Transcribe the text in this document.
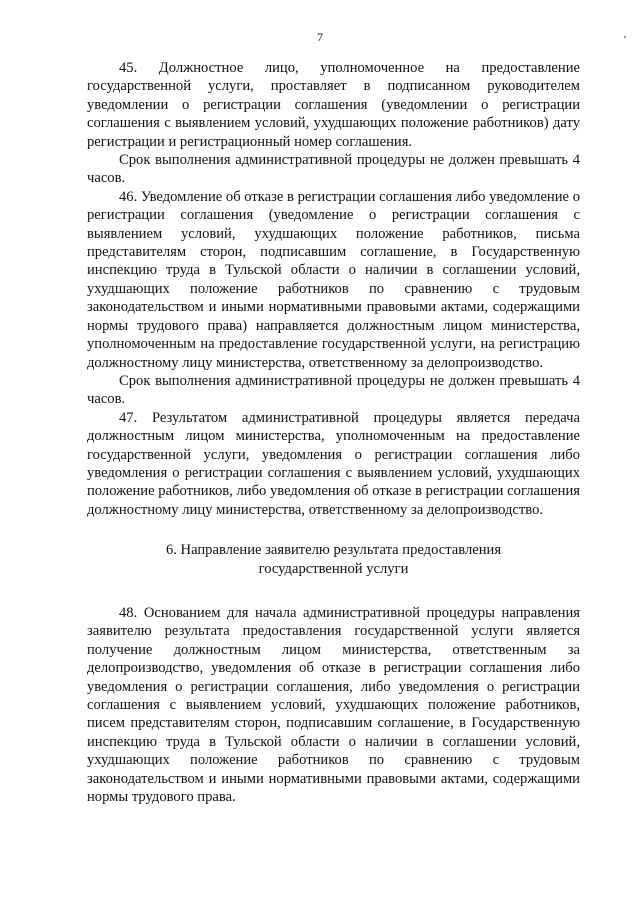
7

45. Должностное лицо, уполномоченное на предоставление государственной услуги, проставляет в подписанном руководителем уведомлении о регистрации соглашения (уведомлении о регистрации соглашения с выявлением условий, ухудшающих положение работников) дату регистрации и регистрационный номер соглашения.

Срок выполнения административной процедуры не должен превышать 4 часов.

46. Уведомление об отказе в регистрации соглашения либо уведомление о регистрации соглашения (уведомление о регистрации соглашения с выявлением условий, ухудшающих положение работников, письма представителям сторон, подписавшим соглашение, в Государственную инспекцию труда в Тульской области о наличии в соглашении условий, ухудшающих положение работников по сравнению с трудовым законодательством и иными нормативными правовыми актами, содержащими нормы трудового права) направляется должностным лицом министерства, уполномоченным на предоставление государственной услуги, на регистрацию должностному лицу министерства, ответственному за делопроизводство.

Срок выполнения административной процедуры не должен превышать 4 часов.

47. Результатом административной процедуры является передача должностным лицом министерства, уполномоченным на предоставление государственной услуги, уведомления о регистрации соглашения либо уведомления о регистрации соглашения с выявлением условий, ухудшающих положение работников, либо уведомления об отказе в регистрации соглашения должностному лицу министерства, ответственному за делопроизводство.

6. Направление заявителю результата предоставления
государственной услуги

48. Основанием для начала административной процедуры направления заявителю результата предоставления государственной услуги является получение должностным лицом министерства, ответственным за делопроизводство, уведомления об отказе в регистрации соглашения либо уведомления о регистрации соглашения, либо уведомления о регистрации соглашения с выявлением условий, ухудшающих положение работников, писем представителям сторон, подписавшим соглашение, в Государственную инспекцию труда в Тульской области о наличии в соглашении условий, ухудшающих положение работников по сравнению с трудовым законодательством и иными нормативными правовыми актами, содержащими нормы трудового права.
